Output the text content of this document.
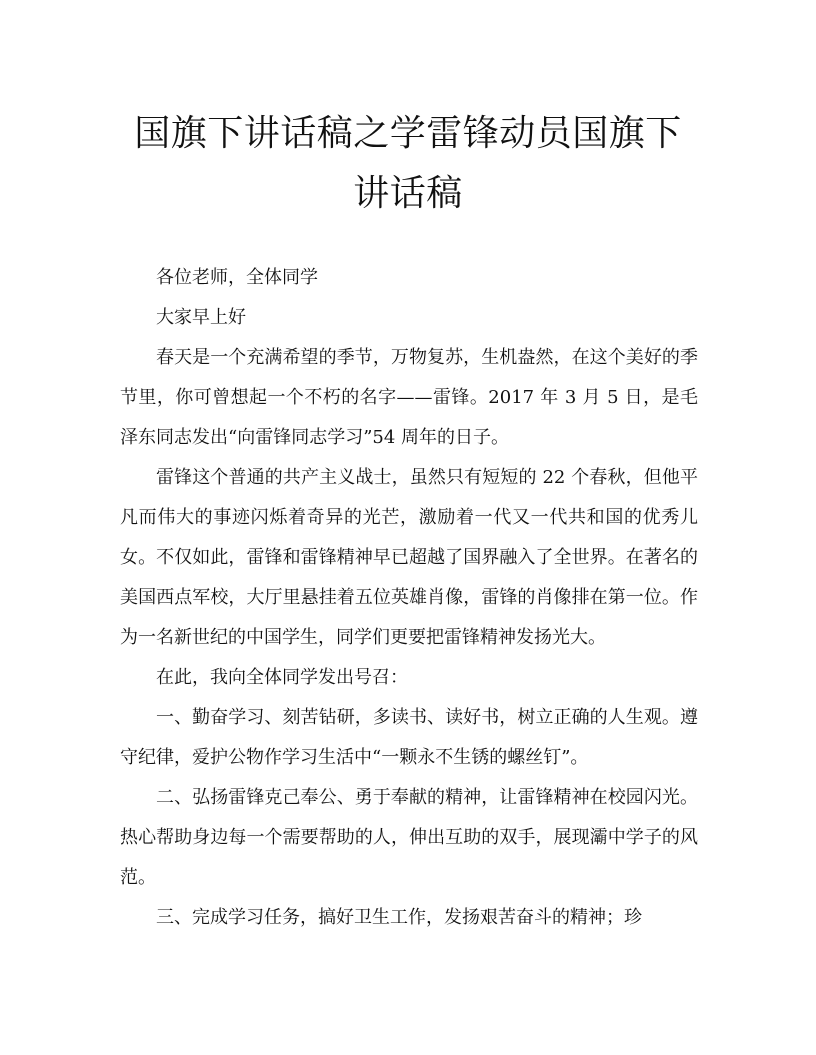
国旗下讲话稿之学雷锋动员国旗下讲话稿

各位老师，全体同学

大家早上好

春天是一个充满希望的季节，万物复苏，生机盎然，在这个美好的季节里，你可曾想起一个不朽的名字——雷锋。2017 年 3 月 5 日，是毛泽东同志发出“向雷锋同志学习”54 周年的日子。

雷锋这个普通的共产主义战士，虽然只有短短的 22 个春秋，但他平凡而伟大的事迹闪烁着奇异的光芒，激励着一代又一代共和国的优秀儿女。不仅如此，雷锋和雷锋精神早已超越了国界融入了全世界。在著名的美国西点军校，大厅里悬挂着五位英雄肖像，雷锋的肖像排在第一位。作为一名新世纪的中国学生，同学们更要把雷锋精神发扬光大。

在此，我向全体同学发出号召：

一、勤奋学习、刻苦钻研，多读书、读好书，树立正确的人生观。遵守纪律，爱护公物作学习生活中“一颗永不生锈的螺丝钉”。

二、弘扬雷锋克己奉公、勇于奉献的精神，让雷锋精神在校园闪光。热心帮助身边每一个需要帮助的人，伸出互助的双手，展现灞中学子的风范。

三、完成学习任务，搞好卫生工作，发扬艰苦奋斗的精神；珍
